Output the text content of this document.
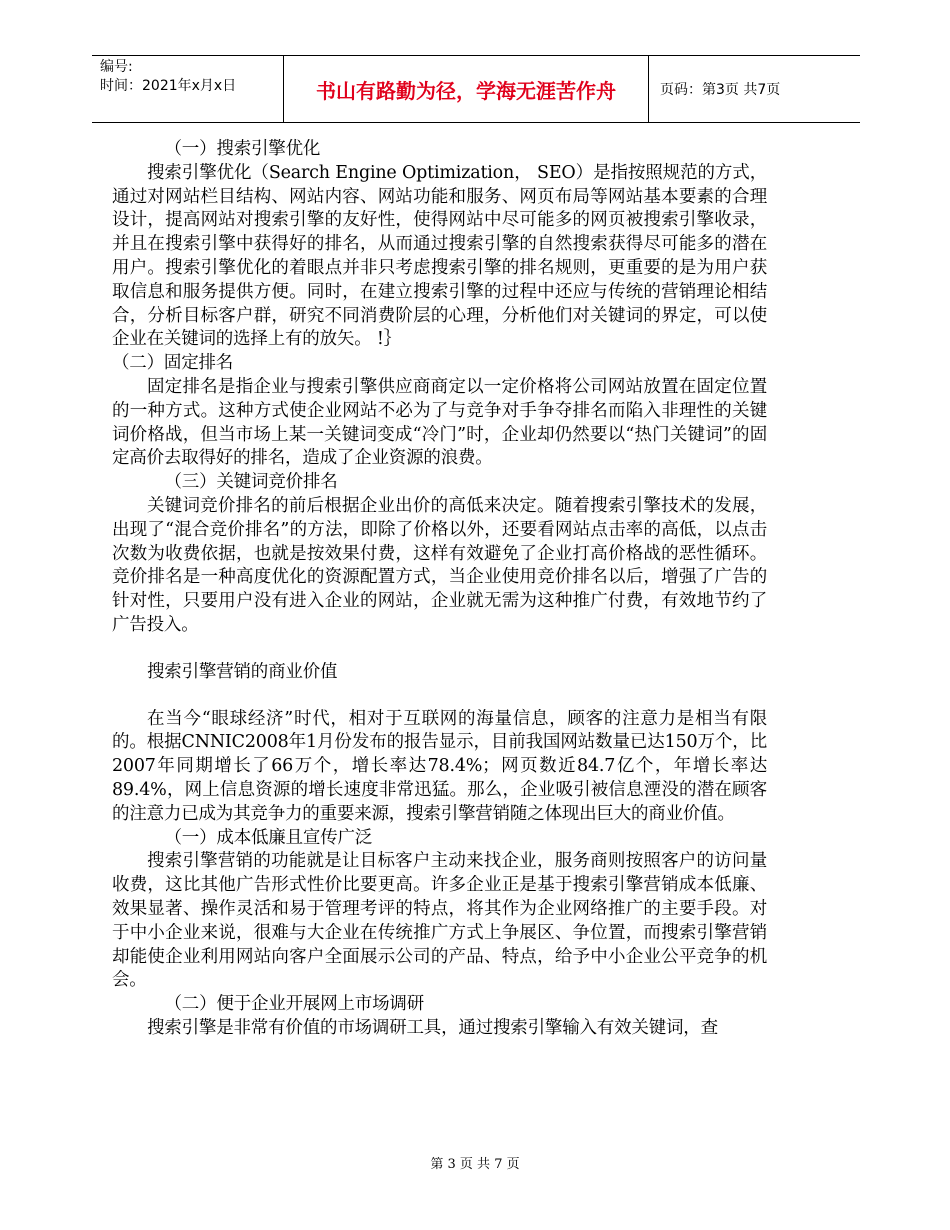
编号:
时间：2021年x月x日	书山有路勤为径，学海无涯苦作舟	页码：第3页 共7页

（一）搜索引擎优化

搜索引擎优化（Search Engine Optimization， SEO）是指按照规范的方式，通过对网站栏目结构、网站内容、网站功能和服务、网页布局等网站基本要素的合理设计，提高网站对搜索引擎的友好性，使得网站中尽可能多的网页被搜索引擎收录，并且在搜索引擎中获得好的排名，从而通过搜索引擎的自然搜索获得尽可能多的潜在用户。搜索引擎优化的着眼点并非只考虑搜索引擎的排名规则，更重要的是为用户获取信息和服务提供方便。同时，在建立搜索引擎的过程中还应与传统的营销理论相结合，分析目标客户群，研究不同消费阶层的心理，分析他们对关键词的界定，可以使企业在关键词的选择上有的放矢。 !｝

（二）固定排名

固定排名是指企业与搜索引擎供应商商定以一定价格将公司网站放置在固定位置的一种方式。这种方式使企业网站不必为了与竞争对手争夺排名而陷入非理性的关键词价格战，但当市场上某一关键词变成“冷门”时，企业却仍然要以“热门关键词”的固定高价去取得好的排名，造成了企业资源的浪费。

（三）关键词竞价排名

关键词竞价排名的前后根据企业出价的高低来决定。随着搜索引擎技术的发展，出现了“混合竞价排名”的方法，即除了价格以外，还要看网站点击率的高低，以点击次数为收费依据，也就是按效果付费，这样有效避免了企业打高价格战的恶性循环。竞价排名是一种高度优化的资源配置方式，当企业使用竞价排名以后，增强了广告的针对性，只要用户没有进入企业的网站，企业就无需为这种推广付费，有效地节约了广告投入。

搜索引擎营销的商业价值

在当今“眼球经济”时代，相对于互联网的海量信息，顾客的注意力是相当有限的。根据CNNIC2008年1月份发布的报告显示，目前我国网站数量已达150万个，比2007年同期增长了66万个，增长率达78.4%；网页数近84.7亿个，年增长率达89.4%，网上信息资源的增长速度非常迅猛。那么，企业吸引被信息湮没的潜在顾客的注意力已成为其竞争力的重要来源，搜索引擎营销随之体现出巨大的商业价值。

（一）成本低廉且宣传广泛

搜索引擎营销的功能就是让目标客户主动来找企业，服务商则按照客户的访问量收费，这比其他广告形式性价比要更高。许多企业正是基于搜索引擎营销成本低廉、效果显著、操作灵活和易于管理考评的特点，将其作为企业网络推广的主要手段。对于中小企业来说，很难与大企业在传统推广方式上争展区、争位置，而搜索引擎营销却能使企业利用网站向客户全面展示公司的产品、特点，给予中小企业公平竞争的机会。

（二）便于企业开展网上市场调研

搜索引擎是非常有价值的市场调研工具，通过搜索引擎输入有效关键词，查

第 3 页 共 7 页
